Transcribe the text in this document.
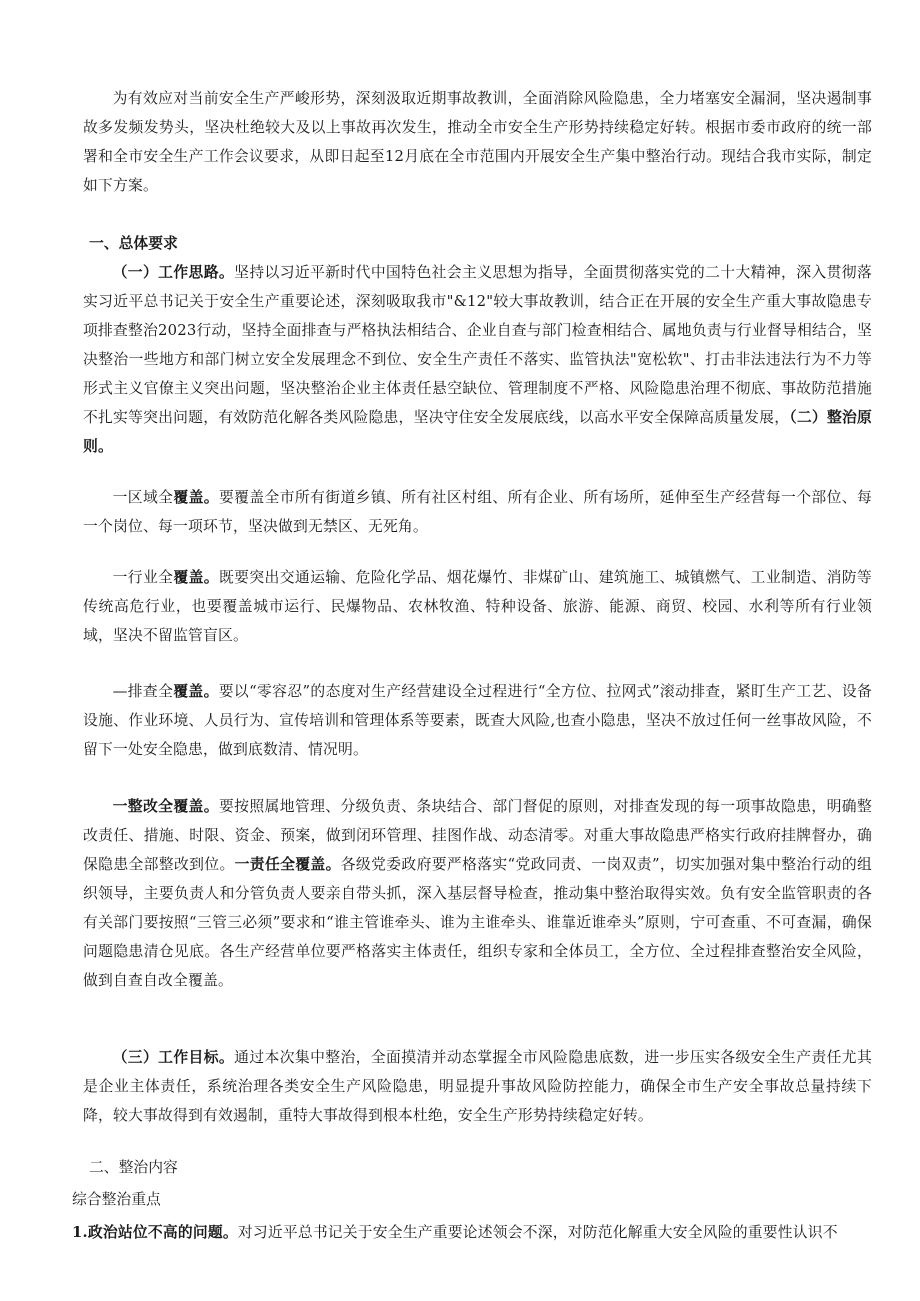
为有效应对当前安全生产严峻形势，深刻汲取近期事故教训，全面消除风险隐患，全力堵塞安全漏洞，坚决遏制事故多发频发势头，坚决杜绝较大及以上事故再次发生，推动全市安全生产形势持续稳定好转。根据市委市政府的统一部署和全市安全生产工作会议要求，从即日起至12月底在全市范围内开展安全生产集中整治行动。现结合我市实际，制定如下方案。

一、总体要求

（一）工作思路。坚持以习近平新时代中国特色社会主义思想为指导，全面贯彻落实党的二十大精神，深入贯彻落实习近平总书记关于安全生产重要论述，深刻吸取我市"&12"较大事故教训，结合正在开展的安全生产重大事故隐患专项排查整治2023行动，坚持全面排查与严格执法相结合、企业自查与部门检查相结合、属地负责与行业督导相结合，坚决整治一些地方和部门树立安全发展理念不到位、安全生产责任不落实、监管执法"宽松软"、打击非法违法行为不力等形式主义官僚主义突出问题，坚决整治企业主体责任悬空缺位、管理制度不严格、风险隐患治理不彻底、事故防范措施不扎实等突出问题，有效防范化解各类风险隐患，坚决守住安全发展底线，以高水平安全保障高质量发展，（二）整治原则。

一区域全覆盖。要覆盖全市所有街道乡镇、所有社区村组、所有企业、所有场所，延伸至生产经营每一个部位、每一个岗位、每一项环节，坚决做到无禁区、无死角。

一行业全覆盖。既要突出交通运输、危险化学品、烟花爆竹、非煤矿山、建筑施工、城镇燃气、工业制造、消防等传统高危行业，也要覆盖城市运行、民爆物品、农林牧渔、特种设备、旅游、能源、商贸、校园、水利等所有行业领域，坚决不留监管盲区。

—排查全覆盖。要以“零容忍”的态度对生产经营建设全过程进行“全方位、拉网式”滚动排查，紧盯生产工艺、设备设施、作业环境、人员行为、宣传培训和管理体系等要素，既查大风险,也查小隐患，坚决不放过任何一丝事故风险，不留下一处安全隐患，做到底数清、情况明。

一整改全覆盖。要按照属地管理、分级负责、条块结合、部门督促的原则，对排查发现的每一项事故隐患，明确整改责任、措施、时限、资金、预案，做到闭环管理、挂图作战、动态清零。对重大事故隐患严格实行政府挂牌督办，确保隐患全部整改到位。一责任全覆盖。各级党委政府要严格落实“党政同责、一岗双责”，切实加强对集中整治行动的组织领导，主要负责人和分管负责人要亲自带头抓，深入基层督导检查，推动集中整治取得实效。负有安全监管职责的各有关部门要按照“三管三必须”要求和“谁主管谁牵头、谁为主谁牵头、谁靠近谁牵头”原则，宁可查重、不可查漏，确保问题隐患清仓见底。各生产经营单位要严格落实主体责任，组织专家和全体员工，全方位、全过程排查整治安全风险，做到自查自改全覆盖。

（三）工作目标。通过本次集中整治，全面摸清并动态掌握全市风险隐患底数，进一步压实各级安全生产责任尤其是企业主体责任，系统治理各类安全生产风险隐患，明显提升事故风险防控能力，确保全市生产安全事故总量持续下降，较大事故得到有效遏制，重特大事故得到根本杜绝，安全生产形势持续稳定好转。

二、整治内容
综合整治重点

1.政治站位不高的问题。对习近平总书记关于安全生产重要论述领会不深，对防范化解重大安全风险的重要性认识不
